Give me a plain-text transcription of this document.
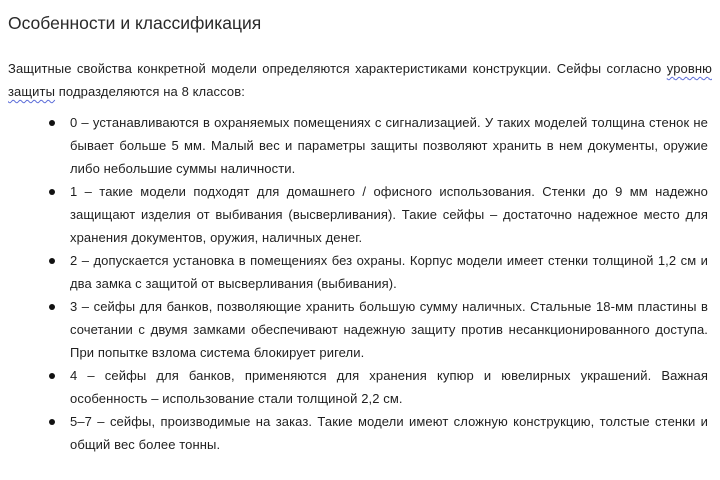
Особенности и классификация

Защитные свойства конкретной модели определяются характеристиками конструкции. Сейфы согласно уровню защиты подразделяются на 8 классов:

0 – устанавливаются в охраняемых помещениях с сигнализацией. У таких моделей толщина стенок не бывает больше 5 мм. Малый вес и параметры защиты позволяют хранить в нем документы, оружие либо небольшие суммы наличности.
1 – такие модели подходят для домашнего / офисного использования. Стенки до 9 мм надежно защищают изделия от выбивания (высверливания). Такие сейфы – достаточно надежное место для хранения документов, оружия, наличных денег.
2 – допускается установка в помещениях без охраны. Корпус модели имеет стенки толщиной 1,2 см и два замка с защитой от высверливания (выбивания).
3 – сейфы для банков, позволяющие хранить большую сумму наличных. Стальные 18-мм пластины в сочетании с двумя замками обеспечивают надежную защиту против несанкционированного доступа. При попытке взлома система блокирует ригели.
4 – сейфы для банков, применяются для хранения купюр и ювелирных украшений. Важная особенность – использование стали толщиной 2,2 см.
5–7 – сейфы, производимые на заказ. Такие модели имеют сложную конструкцию, толстые стенки и общий вес более тонны.
